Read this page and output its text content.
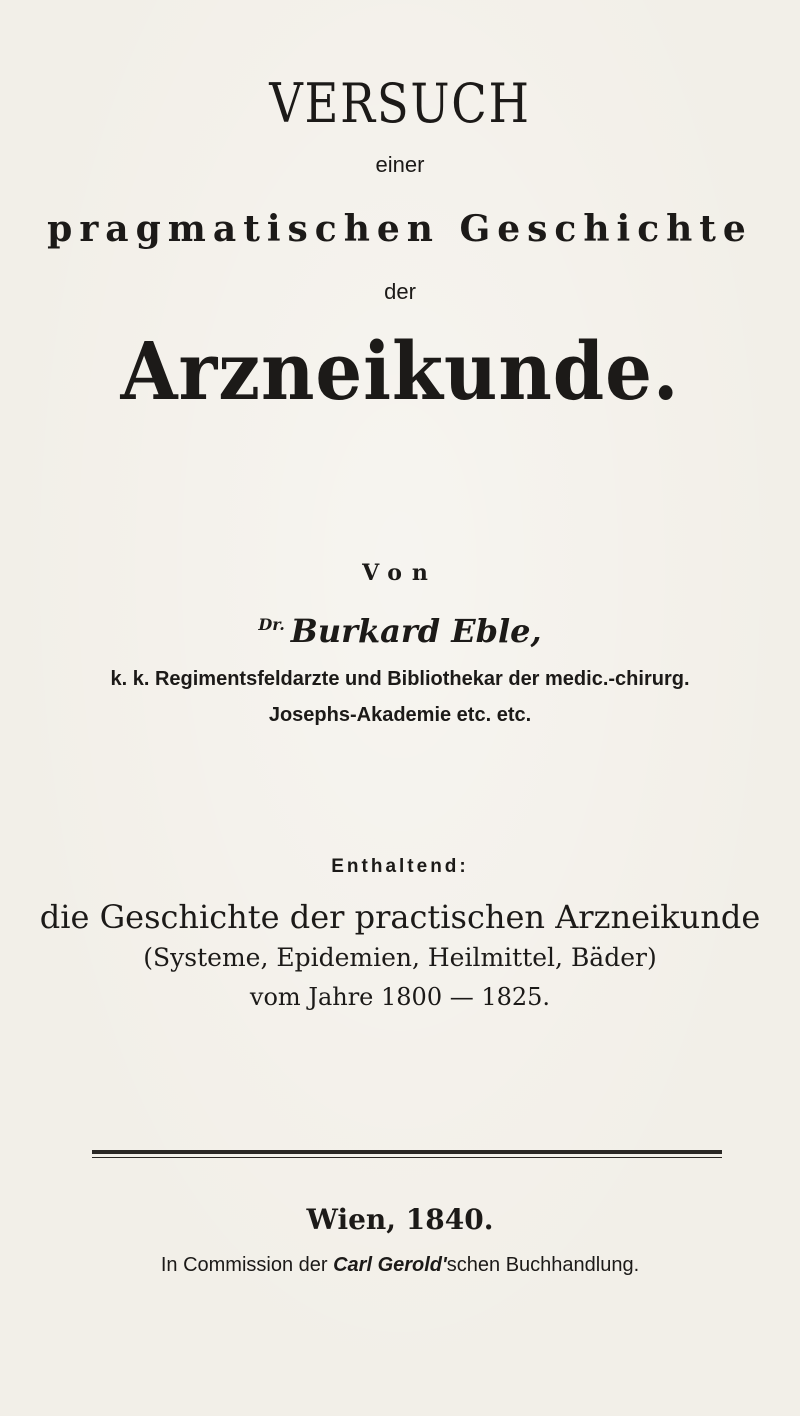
VERSUCH
einer
pragmatischen Geschichte
der
Arzneikunde.
Von
$^{Dr.}$ Burkard Eble,
k. k. Regimentsfeldarzte und Bibliothekar der medic.-chirurg.
Josephs-Akademie etc. etc.
Enthaltend:
die Geschichte der practischen Arzneikunde
(Systeme, Epidemien, Heilmittel, Bäder)
vom Jahre 1800 — 1825.
Wien, 1840.
In Commission der Carl Gerold'schen Buchhandlung.
